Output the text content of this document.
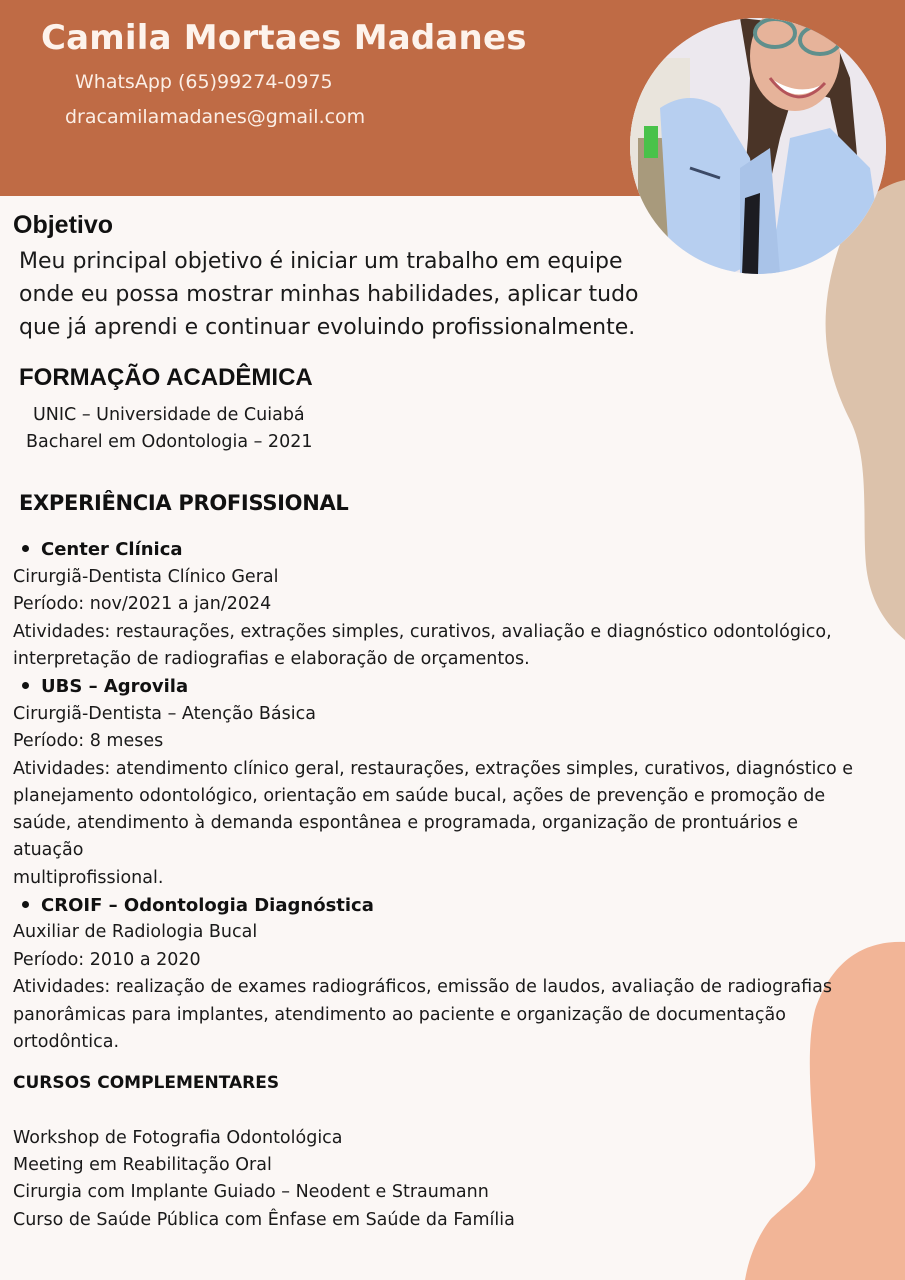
Camila Mortaes Madanes
WhatsApp (65)99274-0975
dracamilamadanes@gmail.com
Objetivo
Meu principal objetivo é iniciar um trabalho em equipe
onde eu possa mostrar minhas habilidades, aplicar tudo
que já aprendi e continuar evoluindo profissionalmente.
FORMAÇÃO ACADÊMICA
UNIC – Universidade de Cuiabá
Bacharel em Odontologia – 2021
EXPERIÊNCIA PROFISSIONAL
Center Clínica
Cirurgiã-Dentista Clínico Geral
Período: nov/2021 a jan/2024
Atividades: restaurações, extrações simples, curativos, avaliação e diagnóstico odontológico,
interpretação de radiografias e elaboração de orçamentos.
UBS – Agrovila
Cirurgiã-Dentista – Atenção Básica
Período: 8 meses
Atividades: atendimento clínico geral, restaurações, extrações simples, curativos, diagnóstico e
planejamento odontológico, orientação em saúde bucal, ações de prevenção e promoção de
saúde, atendimento à demanda espontânea e programada, organização de prontuários e
atuação
multiprofissional.
CROIF – Odontologia Diagnóstica
Auxiliar de Radiologia Bucal
Período: 2010 a 2020
Atividades: realização de exames radiográficos, emissão de laudos, avaliação de radiografias
panorâmicas para implantes, atendimento ao paciente e organização de documentação
ortodôntica.
CURSOS COMPLEMENTARES
Workshop de Fotografia Odontológica
Meeting em Reabilitação Oral
Cirurgia com Implante Guiado – Neodent e Straumann
Curso de Saúde Pública com Ênfase em Saúde da Família
